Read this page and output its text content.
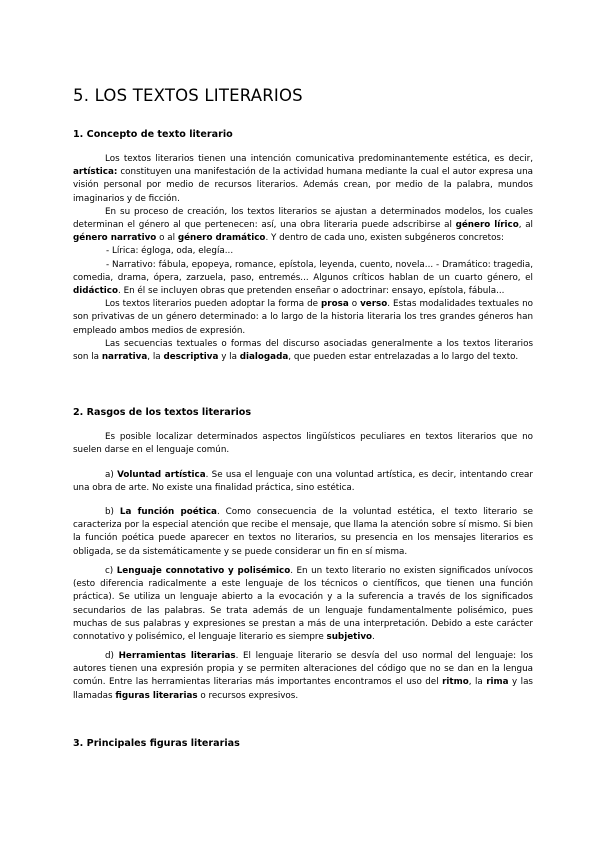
5. LOS TEXTOS LITERARIOS
1. Concepto de texto literario

Los textos literarios tienen una intención comunicativa predominantemente estética, es decir, artística: constituyen una manifestación de la actividad humana mediante la cual el autor expresa una visión personal por medio de recursos literarios. Además crean, por medio de la palabra, mundos imaginarios y de ficción.

En su proceso de creación, los textos literarios se ajustan a determinados modelos, los cuales determinan el género al que pertenecen: así, una obra literaria puede adscribirse al género lírico, al género narrativo o al género dramático. Y dentro de cada uno, existen subgéneros concretos:

- Lírica: égloga, oda, elegía...

- Narrativo: fábula, epopeya, romance, epístola, leyenda, cuento, novela... - Dramático: tragedia, comedia, drama, ópera, zarzuela, paso, entremés... Algunos críticos hablan de un cuarto género, el didáctico. En él se incluyen obras que pretenden enseñar o adoctrinar: ensayo, epístola, fábula...

Los textos literarios pueden adoptar la forma de prosa o verso. Estas modalidades textuales no son privativas de un género determinado: a lo largo de la historia literaria los tres grandes géneros han empleado ambos medios de expresión.

Las secuencias textuales o formas del discurso asociadas generalmente a los textos literarios son la narrativa, la descriptiva y la dialogada, que pueden estar entrelazadas a lo largo del texto.

2. Rasgos de los textos literarios

Es posible localizar determinados aspectos lingüísticos peculiares en textos literarios que no suelen darse en el lenguaje común.

a) Voluntad artística. Se usa el lenguaje con una voluntad artística, es decir, intentando crear una obra de arte. No existe una finalidad práctica, sino estética.

b) La función poética. Como consecuencia de la voluntad estética, el texto literario se caracteriza por la especial atención que recibe el mensaje, que llama la atención sobre sí mismo. Si bien la función poética puede aparecer en textos no literarios, su presencia en los mensajes literarios es obligada, se da sistemáticamente y se puede considerar un fin en sí misma.

c) Lenguaje connotativo y polisémico. En un texto literario no existen significados unívocos (esto diferencia radicalmente a este lenguaje de los técnicos o científicos, que tienen una función práctica). Se utiliza un lenguaje abierto a la evocación y a la suferencia a través de los significados secundarios de las palabras. Se trata además de un lenguaje fundamentalmente polisémico, pues muchas de sus palabras y expresiones se prestan a más de una interpretación. Debido a este carácter connotativo y polisémico, el lenguaje literario es siempre subjetivo.

d) Herramientas literarias. El lenguaje literario se desvía del uso normal del lenguaje: los autores tienen una expresión propia y se permiten alteraciones del código que no se dan en la lengua común. Entre las herramientas literarias más importantes encontramos el uso del ritmo, la rima y las llamadas figuras literarias o recursos expresivos.

3. Principales figuras literarias
